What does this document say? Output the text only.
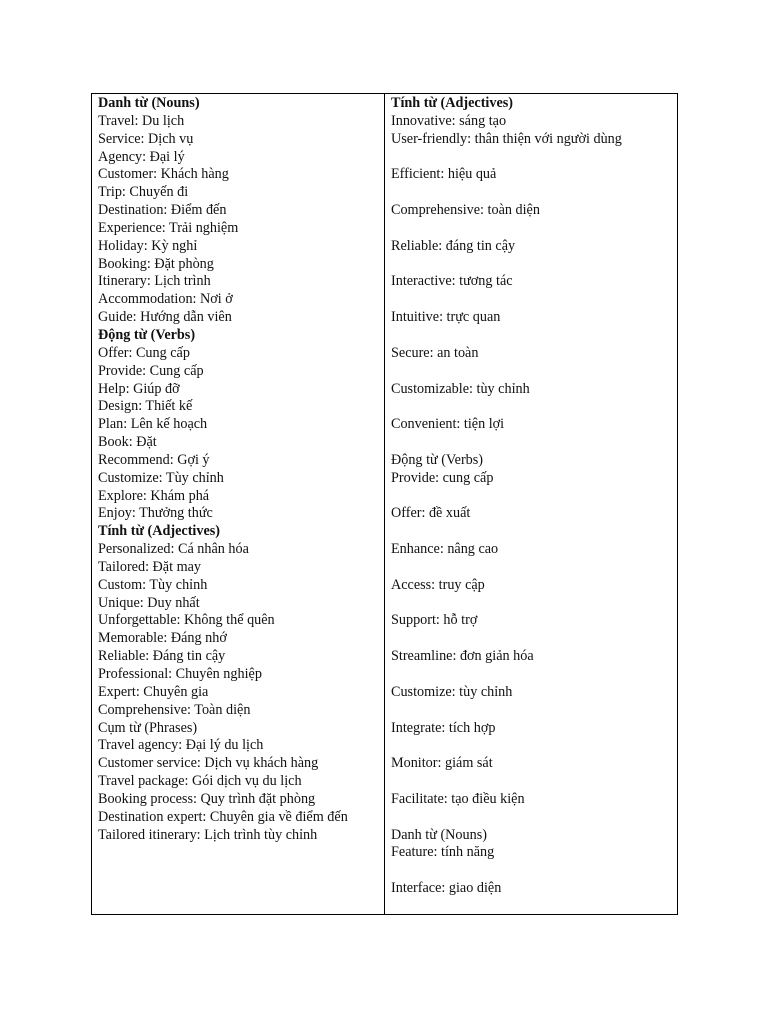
Danh từ (Nouns)
Travel: Du lịch
Service: Dịch vụ
Agency: Đại lý
Customer: Khách hàng
Trip: Chuyến đi
Destination: Điểm đến
Experience: Trải nghiệm
Holiday: Kỳ nghỉ
Booking: Đặt phòng
Itinerary: Lịch trình
Accommodation: Nơi ở
Guide: Hướng dẫn viên
Động từ (Verbs)
Offer: Cung cấp
Provide: Cung cấp
Help: Giúp đỡ
Design: Thiết kế
Plan: Lên kế hoạch
Book: Đặt
Recommend: Gợi ý
Customize: Tùy chỉnh
Explore: Khám phá
Enjoy: Thưởng thức
Tính từ (Adjectives)
Personalized: Cá nhân hóa
Tailored: Đặt may
Custom: Tùy chỉnh
Unique: Duy nhất
Unforgettable: Không thể quên
Memorable: Đáng nhớ
Reliable: Đáng tin cậy
Professional: Chuyên nghiệp
Expert: Chuyên gia
Comprehensive: Toàn diện
Cụm từ (Phrases)
Travel agency: Đại lý du lịch
Customer service: Dịch vụ khách hàng
Travel package: Gói dịch vụ du lịch
Booking process: Quy trình đặt phòng
Destination expert: Chuyên gia về điểm đến
Tailored itinerary: Lịch trình tùy chỉnh
Tính từ (Adjectives)
Innovative: sáng tạo
User-friendly: thân thiện với người dùng
Efficient: hiệu quả
Comprehensive: toàn diện
Reliable: đáng tin cậy
Interactive: tương tác
Intuitive: trực quan
Secure: an toàn
Customizable: tùy chỉnh
Convenient: tiện lợi
Động từ (Verbs)
Provide: cung cấp
Offer: đề xuất
Enhance: nâng cao
Access: truy cập
Support: hỗ trợ
Streamline: đơn giản hóa
Customize: tùy chỉnh
Integrate: tích hợp
Monitor: giám sát
Facilitate: tạo điều kiện
Danh từ (Nouns)
Feature: tính năng
Interface: giao diện
